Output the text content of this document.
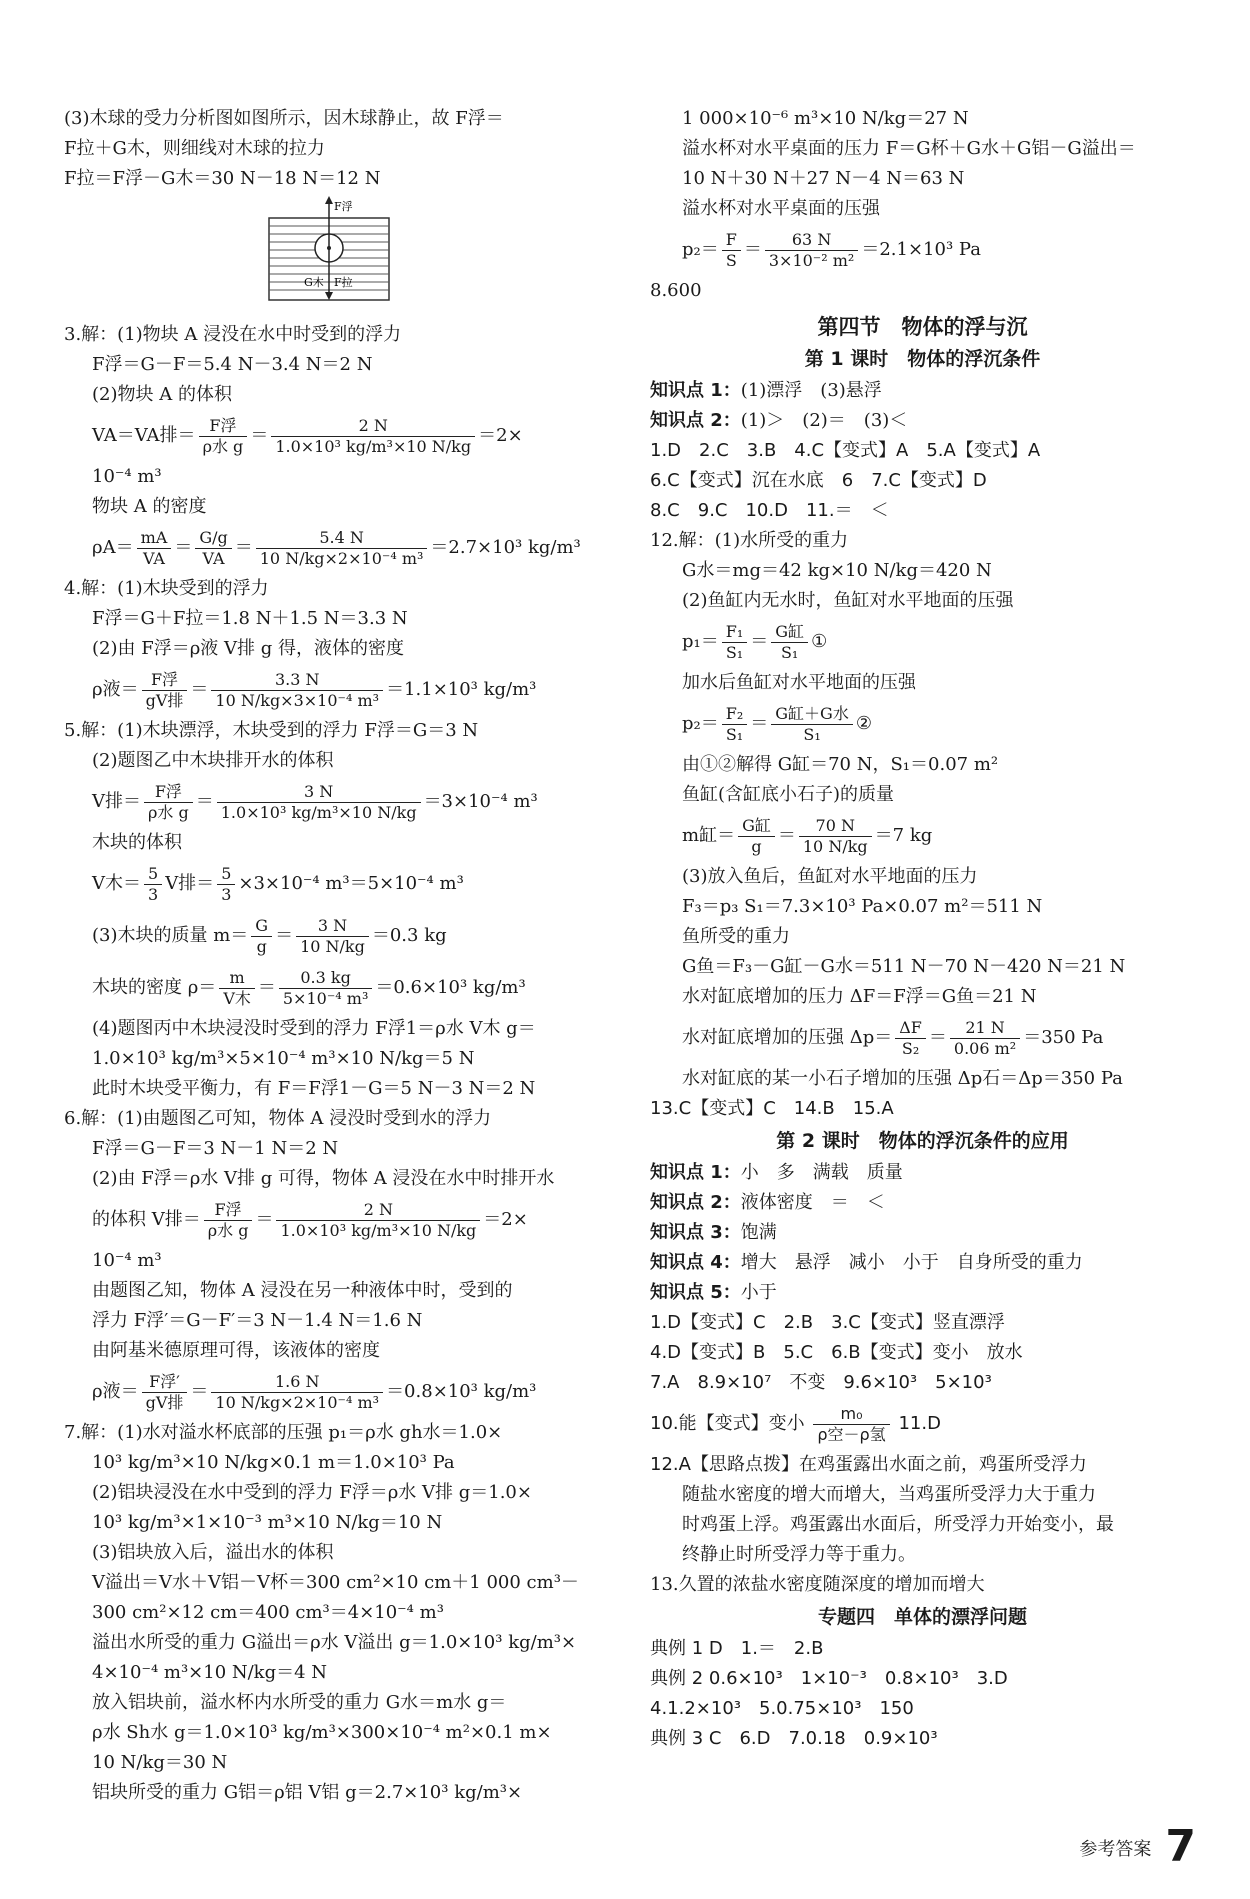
(3)木球的受力分析图如图所示，因木球静止，故 F浮＝

F拉＋G木，则细线对木球的拉力

F拉＝F浮－G木＝30 N－18 N＝12 N

F浮
G木 F拉

3.解：(1)物块 A 浸没在水中时受到的浮力

F浮＝G－F＝5.4 N－3.4 N＝2 N

(2)物块 A 的体积

VA＝VA排＝ $\frac{\text{F浮}}{\text{ρ水 g}} = \frac{2 N}{\text{1.0×10³ kg/m³×10 N/kg}} =2\times$

10⁻⁴ m³

物块 A 的密度

$\rho A= \frac{mA}{VA} = \frac{G/g}{VA} = \frac{5.4 N}{\text{10 N/kg×2×10⁻⁴ m³}} =2.7\times 10^3$ kg/m³

4.解：(1)木块受到的浮力

F浮＝G＋F拉＝1.8 N＋1.5 N＝3.3 N

(2)由 F浮＝ρ液 V排 g 得，液体的密度

ρ液＝ $\frac{\text{F浮}}{\text{gV排}} = \frac{3.3 N}{\text{10 N/kg×3×10⁻⁴ m³}} =1.1\times 10^3$ kg/m³

5.解：(1)木块漂浮，木块受到的浮力 F浮＝G＝3 N

(2)题图乙中木块排开水的体积

V排＝ $\frac{\text{F浮}}{\text{ρ水 g}} = \frac{3 N}{\text{1.0×10³ kg/m³×10 N/kg}} =3\times 10^{-4}$ m³

木块的体积

V木＝ $\frac{5}{3}$ V排＝ $\frac{5}{3} \times 3\times 10^{-4}$ m³＝5×10⁻⁴ m³
(3)木块的质量 $m= \frac{G}{g} = \frac{3 N}{10 N/kg} =0.3$ kg
木块的密度 $\rho= \frac{m}{\text{V木}} = \frac{0.3 kg}{\text{5×10⁻⁴ m³}} =0.6\times 10^3$ kg/m³

(4)题图丙中木块浸没时受到的浮力 F浮1＝ρ水 V木 g＝

1.0×10³ kg/m³×5×10⁻⁴ m³×10 N/kg＝5 N

此时木块受平衡力，有 F＝F浮1－G＝5 N－3 N＝2 N

6.解：(1)由题图乙可知，物体 A 浸没时受到水的浮力

F浮＝G－F＝3 N－1 N＝2 N

(2)由 F浮＝ρ水 V排 g 可得，物体 A 浸没在水中时排开水

的体积 V排＝ $\frac{\text{F浮}}{\text{ρ水 g}} = \frac{2 N}{\text{1.0×10³ kg/m³×10 N/kg}} =2\times$

10⁻⁴ m³

由题图乙知，物体 A 浸没在另一种液体中时，受到的

浮力 F浮′＝G－F′＝3 N－1.4 N＝1.6 N

由阿基米德原理可得，该液体的密度

ρ液＝ $\frac{\text{F浮′}}{\text{gV排}} = \frac{1.6 N}{\text{10 N/kg×2×10⁻⁴ m³}} =0.8\times 10^3$ kg/m³

7.解：(1)水对溢水杯底部的压强 p₁＝ρ水 gh水＝1.0×

10³ kg/m³×10 N/kg×0.1 m＝1.0×10³ Pa

(2)铝块浸没在水中受到的浮力 F浮＝ρ水 V排 g＝1.0×

10³ kg/m³×1×10⁻³ m³×10 N/kg＝10 N

(3)铝块放入后，溢出水的体积

V溢出＝V水＋V铝－V杯＝300 cm²×10 cm＋1 000 cm³－

300 cm²×12 cm＝400 cm³＝4×10⁻⁴ m³

溢出水所受的重力 G溢出＝ρ水 V溢出 g＝1.0×10³ kg/m³×

4×10⁻⁴ m³×10 N/kg＝4 N

放入铝块前，溢水杯内水所受的重力 G水＝m水 g＝

ρ水 Sh水 g＝1.0×10³ kg/m³×300×10⁻⁴ m²×0.1 m×

10 N/kg＝30 N

铝块所受的重力 G铝＝ρ铝 V铝 g＝2.7×10³ kg/m³×

1 000×10⁻⁶ m³×10 N/kg＝27 N

溢水杯对水平桌面的压力 F＝G杯＋G水＋G铝－G溢出＝

10 N＋30 N＋27 N－4 N＝63 N

溢水杯对水平桌面的压强

$p_2= \frac{F}{S} = \frac{63 N}{\text{3×10⁻² m²}} =2.1\times 10^3$ Pa

8.600

第四节　物体的浮与沉
第 1 课时　物体的浮沉条件

知识点 1：(1)漂浮　(3)悬浮

知识点 2：(1)＞　(2)＝　(3)＜

1.D　2.C　3.B　4.C【变式】A　5.A【变式】A

6.C【变式】沉在水底　6　7.C【变式】D

8.C　9.C　10.D　11.＝　＜

12.解：(1)水所受的重力

G水＝mg＝42 kg×10 N/kg＝420 N

(2)鱼缸内无水时，鱼缸对水平地面的压强

$p_1= \frac{\text{F₁}}{\text{S₁}} = \frac{\text{G缸}}{\text{S₁}}$ ①

加水后鱼缸对水平地面的压强

$p_2= \frac{\text{F₂}}{\text{S₁}} = \frac{\text{G缸＋G水}}{\text{S₁}}$ ②

由①②解得 G缸＝70 N，S₁＝0.07 m²

鱼缸(含缸底小石子)的质量

m缸＝ $\frac{\text{G缸}}{g} = \frac{70 N}{10 N/kg} =7$ kg

(3)放入鱼后，鱼缸对水平地面的压力

F₃＝p₃ S₁＝7.3×10³ Pa×0.07 m²＝511 N

鱼所受的重力

G鱼＝F₃－G缸－G水＝511 N－70 N－420 N＝21 N

水对缸底增加的压力 ΔF＝F浮＝G鱼＝21 N

水对缸底增加的压强 $\Delta p= \frac{\Delta F}{\text{S₂}} = \frac{21 N}{\text{0.06 m²}} =350$ Pa

水对缸底的某一小石子增加的压强 Δp石＝Δp＝350 Pa

13.C【变式】C　14.B　15.A

第 2 课时　物体的浮沉条件的应用

知识点 1：小　多　满载　质量

知识点 2：液体密度　＝　＜

知识点 3：饱满

知识点 4：增大　悬浮　减小　小于　自身所受的重力

知识点 5：小于

1.D【变式】C　2.B　3.C【变式】竖直漂浮

4.D【变式】B　5.C　6.B【变式】变小　放水

7.A　8.9×10⁷　不变　9.6×10³　5×10³

10.能【变式】变小
$\frac{\text{m₀}}{\text{ρ空－ρ氢}}$
11.D

12.A【思路点拨】在鸡蛋露出水面之前，鸡蛋所受浮力

随盐水密度的增大而增大，当鸡蛋所受浮力大于重力

时鸡蛋上浮。鸡蛋露出水面后，所受浮力开始变小，最

终静止时所受浮力等于重力。

13.久置的浓盐水密度随深度的增加而增大

专题四　单体的漂浮问题

典例 1 D　1.＝　2.B

典例 2 0.6×10³　1×10⁻³　0.8×10³　3.D

4.1.2×10³　5.0.75×10³　150

典例 3 C　6.D　7.0.18　0.9×10³

参考答案 7
